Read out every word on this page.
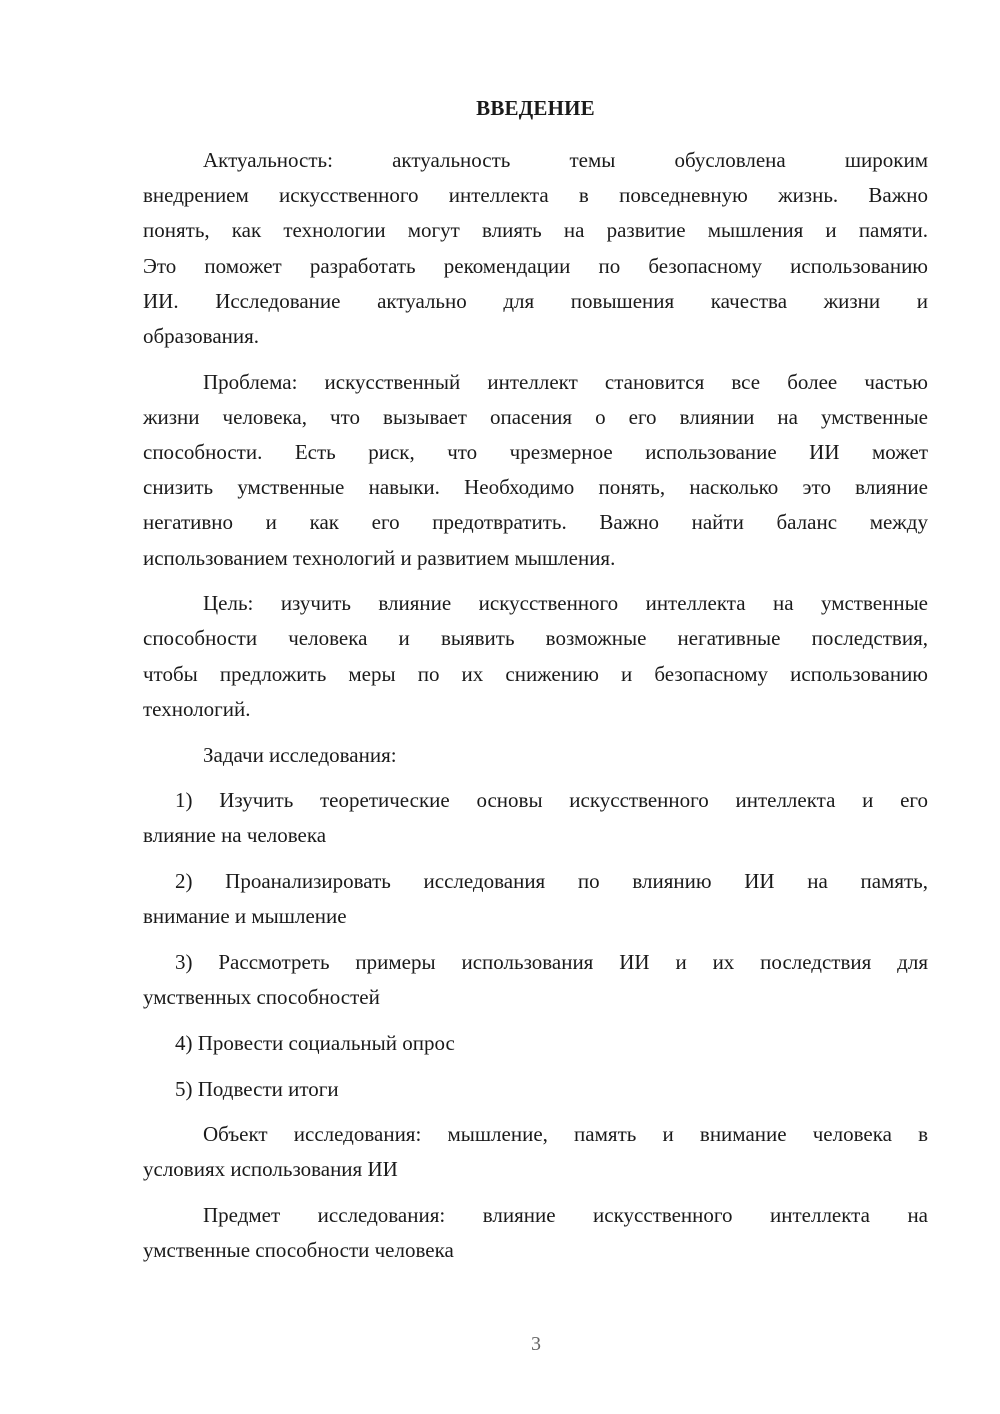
ВВЕДЕНИЕ
Актуальность: актуальность темы обусловлена широким
внедрением искусственного интеллекта в повседневную жизнь. Важно
понять, как технологии могут влиять на развитие мышления и памяти.
Это поможет разработать рекомендации по безопасному использованию
ИИ. Исследование актуально для повышения качества жизни и
образования.
Проблема: искусственный интеллект становится все более частью
жизни человека, что вызывает опасения о его влиянии на умственные
способности. Есть риск, что чрезмерное использование ИИ может
снизить умственные навыки. Необходимо понять, насколько это влияние
негативно и как его предотвратить. Важно найти баланс между
использованием технологий и развитием мышления.
Цель: изучить влияние искусственного интеллекта на умственные
способности человека и выявить возможные негативные последствия,
чтобы предложить меры по их снижению и безопасному использованию
технологий.
Задачи исследования:
1) Изучить теоретические основы искусственного интеллекта и его
влияние на человека
2) Проанализировать исследования по влиянию ИИ на память,
внимание и мышление
3) Рассмотреть примеры использования ИИ и их последствия для
умственных способностей
4) Провести социальный опрос
5) Подвести итоги
Объект исследования: мышление, память и внимание человека в
условиях использования ИИ
Предмет исследования: влияние искусственного интеллекта на
умственные способности человека
3
